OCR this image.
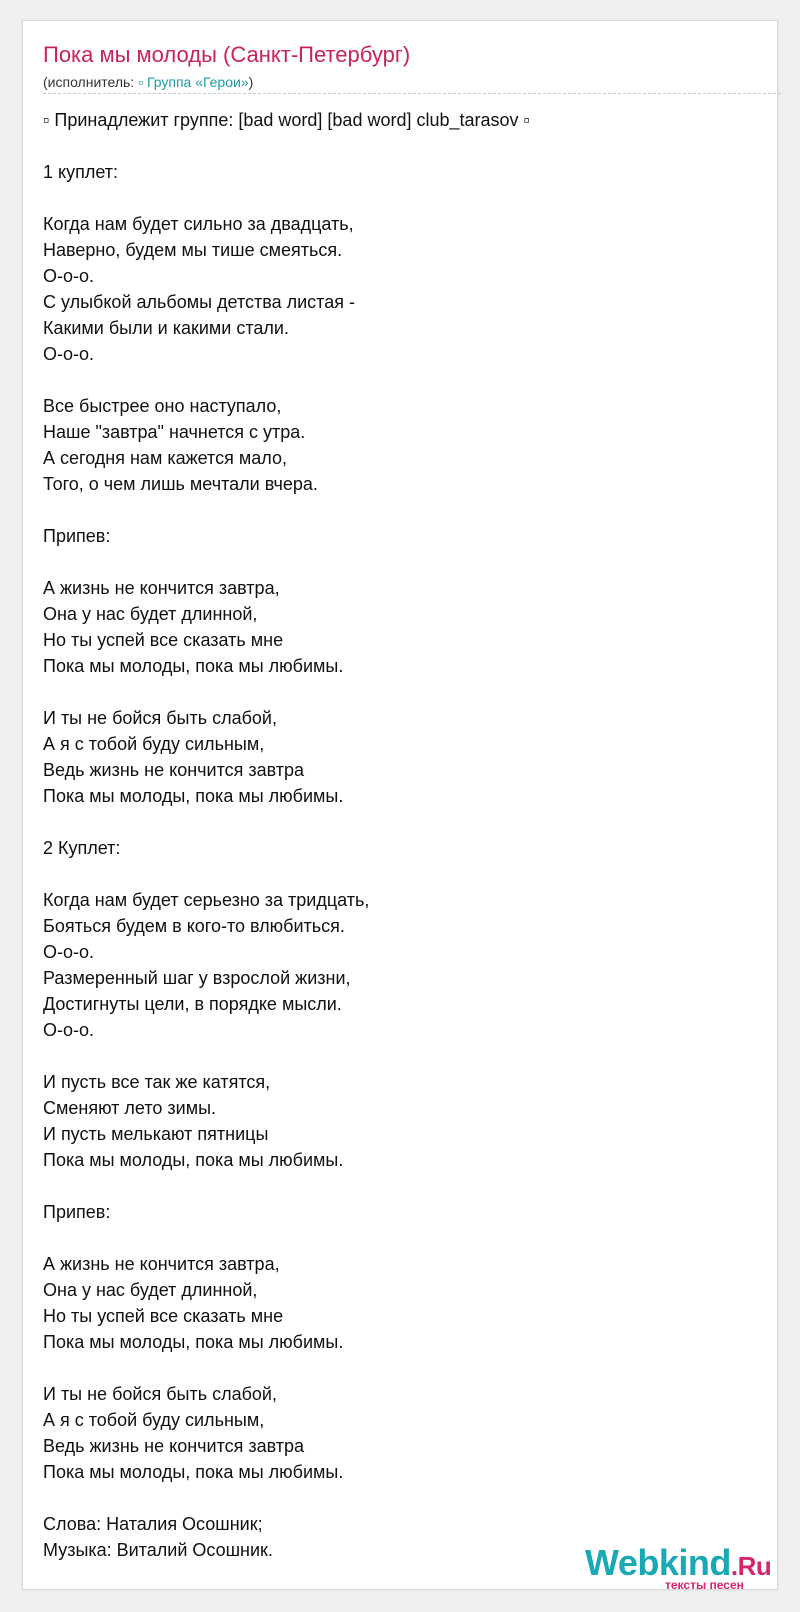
Пока мы молоды (Санкт-Петербург)
(исполнитель: ▫ Группа «Герои»)
▫ Принадлежит группе: [bad word] [bad word] club_tarasov ▫
1 куплет:
Когда нам будет сильно за двадцать,
Наверно, будем мы тише смеяться.
О-о-о.
С улыбкой альбомы детства листая -
Какими были и какими стали.
О-о-о.
Все быстрее оно наступало,
Наше "завтра" начнется с утра.
А сегодня нам кажется мало,
Того, о чем лишь мечтали вчера.
Припев:
А жизнь не кончится завтра,
Она у нас будет длинной,
Но ты успей все сказать мне
Пока мы молоды, пока мы любимы.
И ты не бойся быть слабой,
А я с тобой буду сильным,
Ведь жизнь не кончится завтра
Пока мы молоды, пока мы любимы.
2 Куплет:
Когда нам будет серьезно за тридцать,
Бояться будем в кого-то влюбиться.
О-о-о.
Размеренный шаг у взрослой жизни,
Достигнуты цели, в порядке мысли.
О-о-о.
И пусть все так же катятся,
Сменяют лето зимы.
И пусть мелькают пятницы
Пока мы молоды, пока мы любимы.
Припев:
А жизнь не кончится завтра,
Она у нас будет длинной,
Но ты успей все сказать мне
Пока мы молоды, пока мы любимы.
И ты не бойся быть слабой,
А я с тобой буду сильным,
Ведь жизнь не кончится завтра
Пока мы молоды, пока мы любимы.
Слова: Наталия Осошник;
Музыка: Виталий Осошник.	Webkind.Ru
тексты песен
